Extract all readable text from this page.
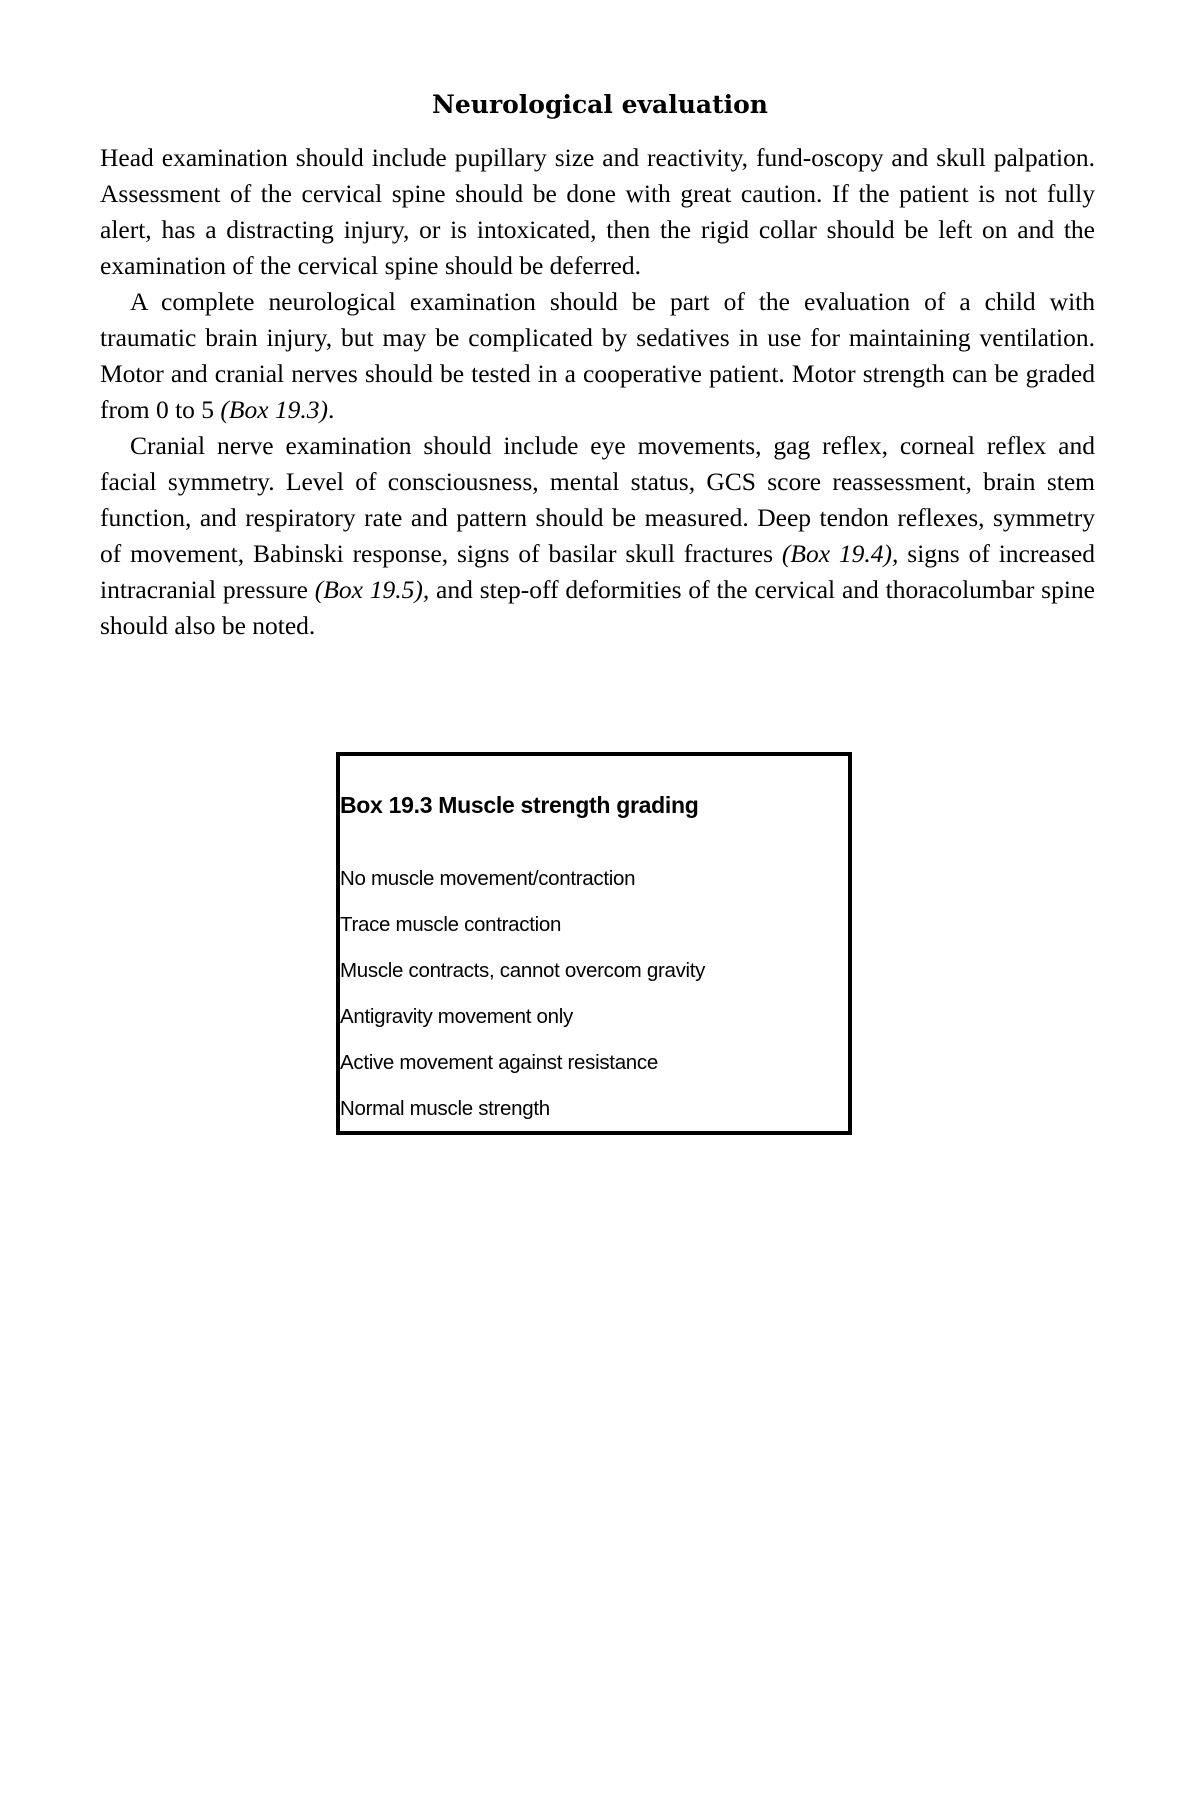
Neurological evaluation

Head examination should include pupillary size and reactivity, fund-oscopy and skull palpation. Assessment of the cervical spine should be done with great caution. If the patient is not fully alert, has a distracting injury, or is intoxicated, then the rigid collar should be left on and the examination of the cervical spine should be deferred.

A complete neurological examination should be part of the evaluation of a child with traumatic brain injury, but may be complicated by sedatives in use for maintaining ventilation. Motor and cranial nerves should be tested in a cooperative patient. Motor strength can be graded from 0 to 5 (Box 19.3).

Cranial nerve examination should include eye movements, gag reflex, corneal reflex and facial symmetry. Level of consciousness, mental status, GCS score reassessment, brain stem function, and respiratory rate and pattern should be measured. Deep tendon reflexes, symmetry of movement, Babinski response, signs of basilar skull fractures (Box 19.4), signs of increased intracranial pressure (Box 19.5), and step-off deformities of the cervical and thoracolumbar spine should also be noted.

Box 19.3 Muscle strength grading
No muscle movement/contraction
Trace muscle contraction
Muscle contracts, cannot overcom gravity
Antigravity movement only
Active movement against resistance
Normal muscle strength
